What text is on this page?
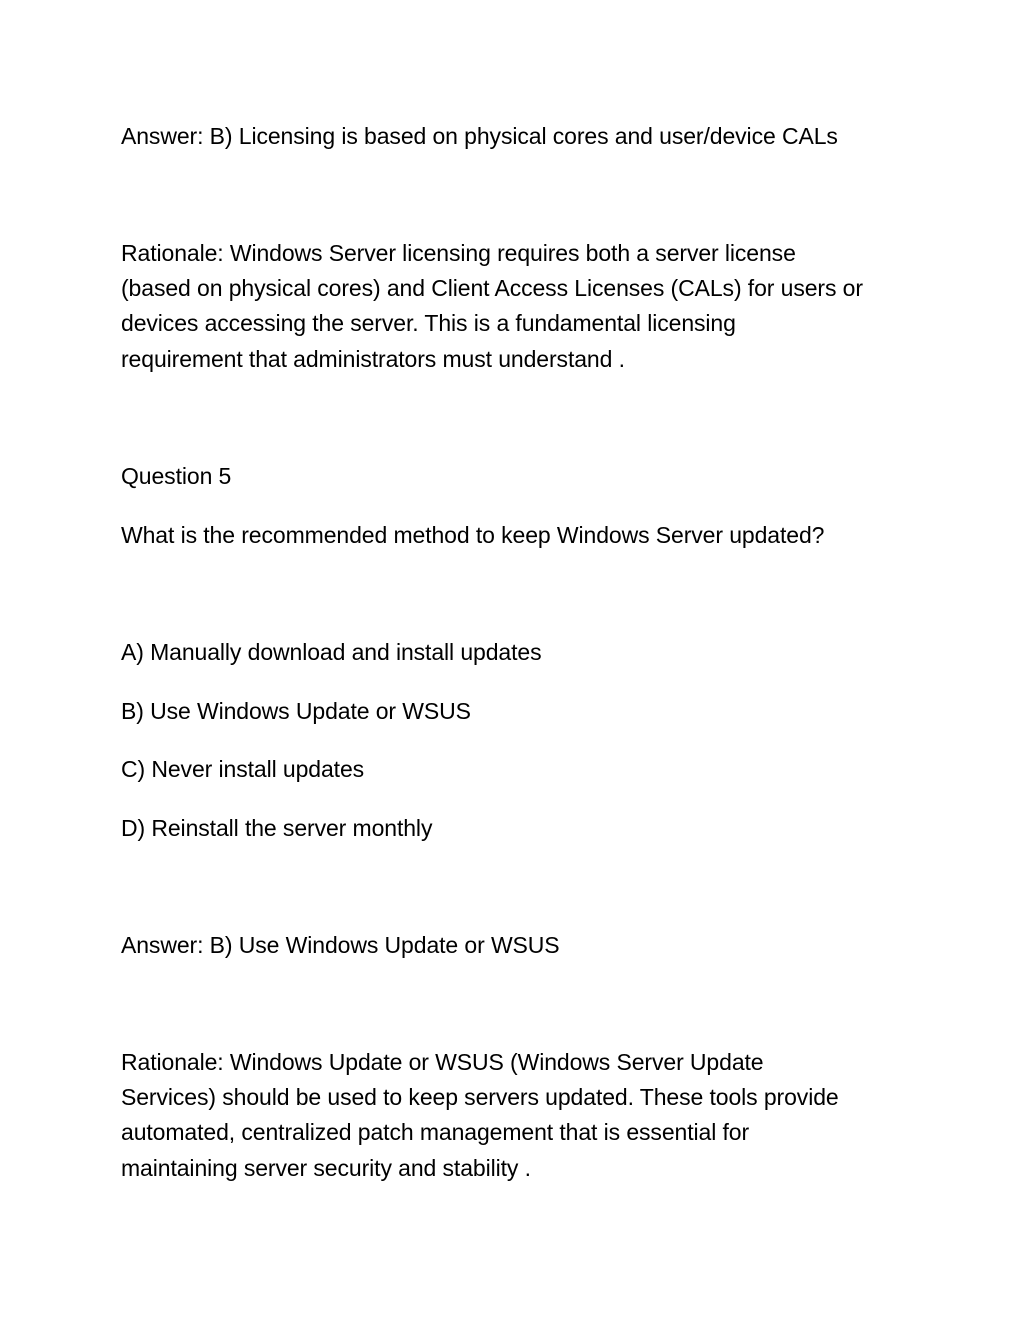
Answer: B) Licensing is based on physical cores and user/device CALs
Rationale: Windows Server licensing requires both a server license
(based on physical cores) and Client Access Licenses (CALs) for users or
devices accessing the server. This is a fundamental licensing
requirement that administrators must understand .
Question 5
What is the recommended method to keep Windows Server updated?
A) Manually download and install updates
B) Use Windows Update or WSUS
C) Never install updates
D) Reinstall the server monthly
Answer: B) Use Windows Update or WSUS
Rationale: Windows Update or WSUS (Windows Server Update
Services) should be used to keep servers updated. These tools provide
automated, centralized patch management that is essential for
maintaining server security and stability .
